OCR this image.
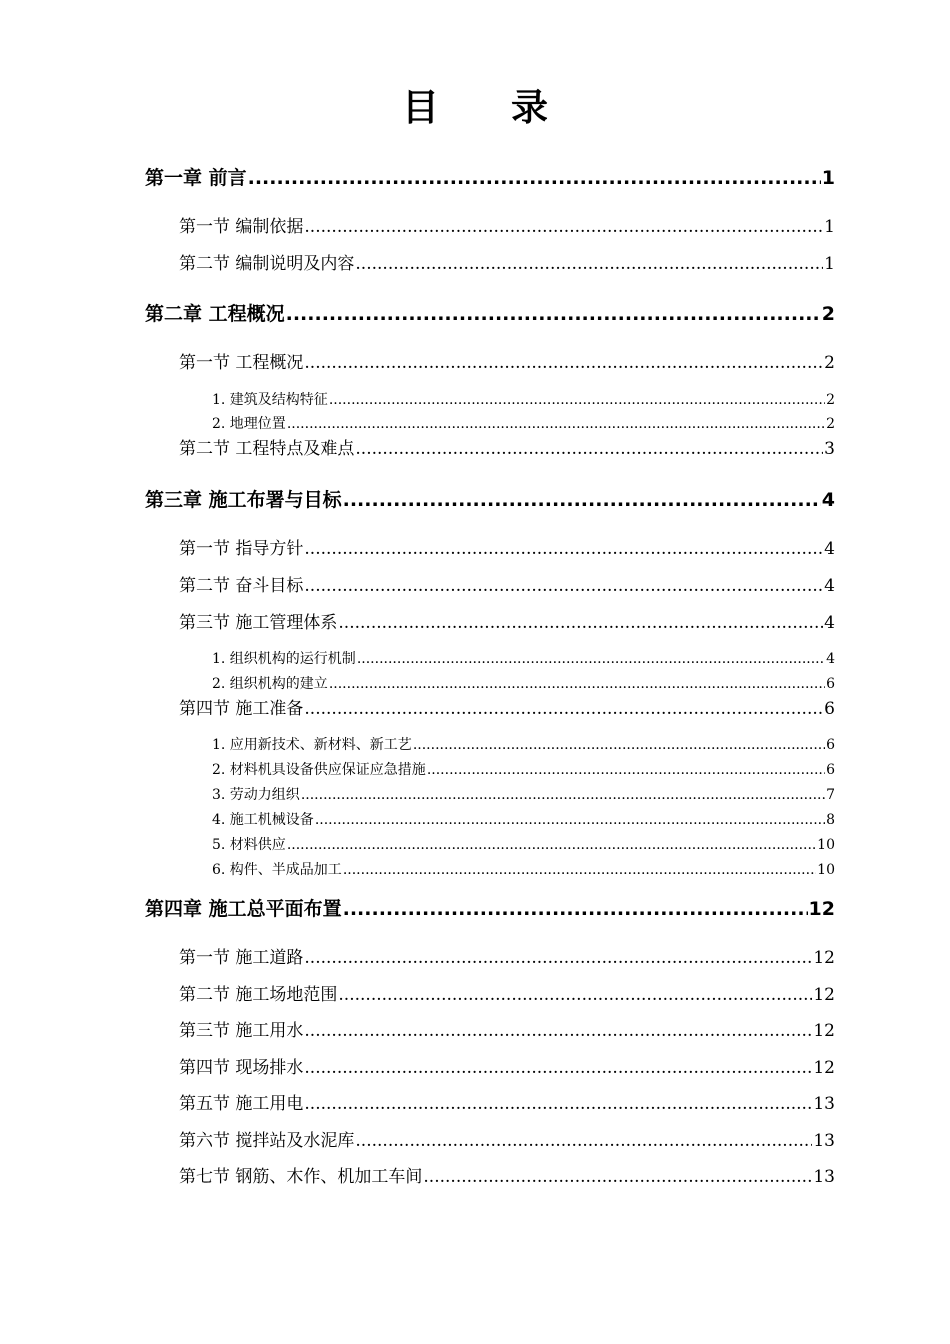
目 录
第一章 前言 .....	1
第一节 编制依据 .....	1
第二节 编制说明及内容 .....	1
第二章 工程概况 .....	2
第一节 工程概况 .....	2
1. 建筑及结构特征 .....	2
2. 地理位置 .....	2
第二节 工程特点及难点 .....	3
第三章 施工布署与目标 .....	4
第一节 指导方针 .....	4
第二节 奋斗目标 .....	4
第三节 施工管理体系 .....	4
1. 组织机构的运行机制 .....	4
2. 组织机构的建立 .....	6
第四节 施工准备 .....	6
1. 应用新技术、新材料、新工艺 .....	6
2. 材料机具设备供应保证应急措施 .....	6
3. 劳动力组织 .....	7
4. 施工机械设备 .....	8
5. 材料供应 .....	10
6. 构件、半成品加工 .....	10
第四章 施工总平面布置 .....	12
第一节 施工道路 .....	12
第二节 施工场地范围 .....	12
第三节 施工用水 .....	12
第四节 现场排水 .....	12
第五节 施工用电 .....	13
第六节 搅拌站及水泥库 .....	13
第七节 钢筋、木作、机加工车间 .....	13
